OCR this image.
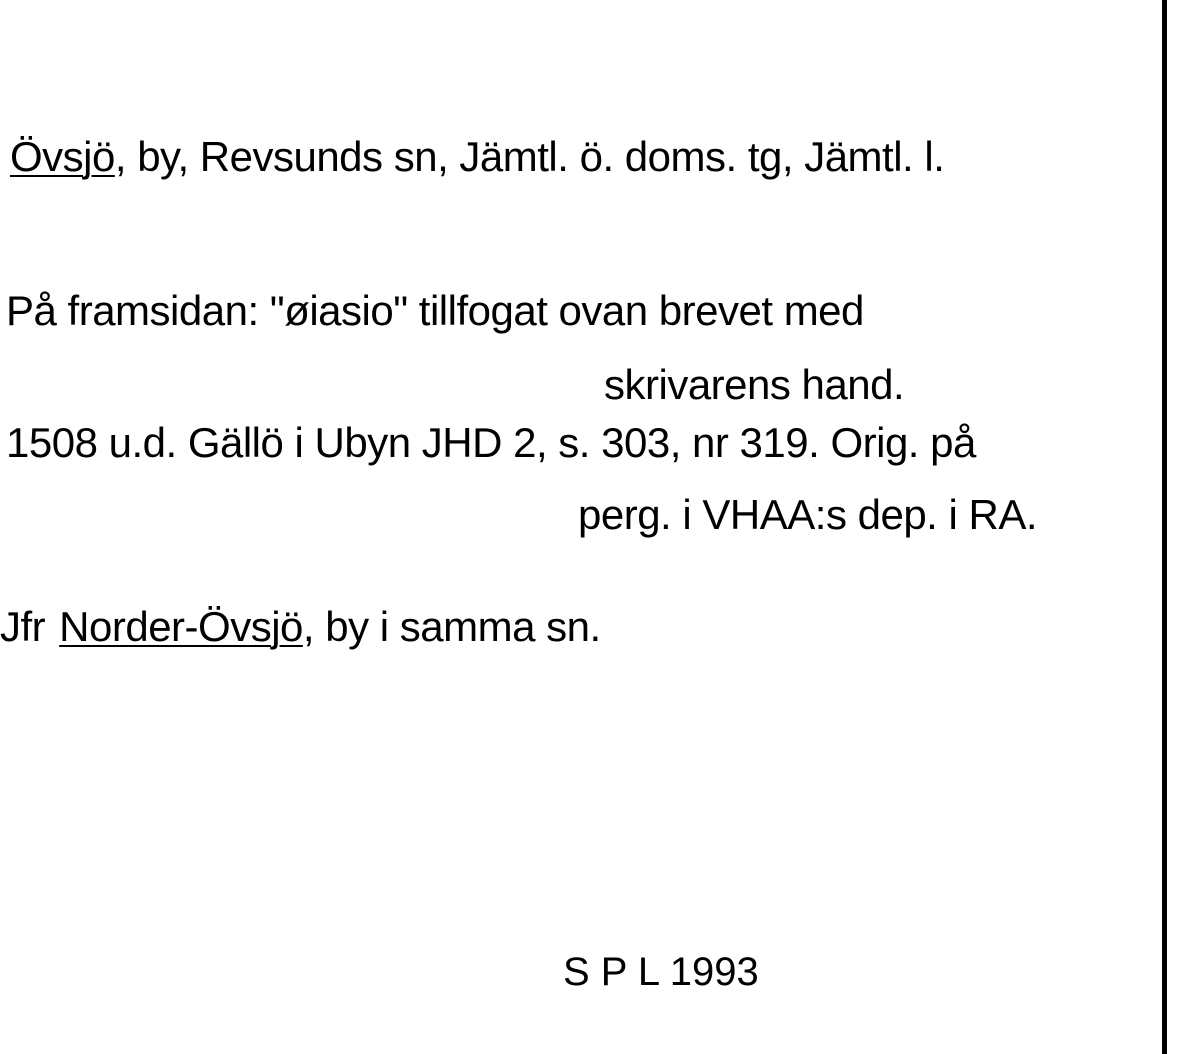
Övsjö, by, Revsunds sn, Jämtl. ö. doms. tg, Jämtl. l.
På framsidan: "øiasio" tillfogat ovan brevet med
skrivarens hand.
1508 u.d. Gällö i Ubyn JHD 2, s. 303, nr 319. Orig. på
perg. i VHAA:s dep. i RA.
Jfr Norder-Övsjö, by i samma sn.
S P L 1993
